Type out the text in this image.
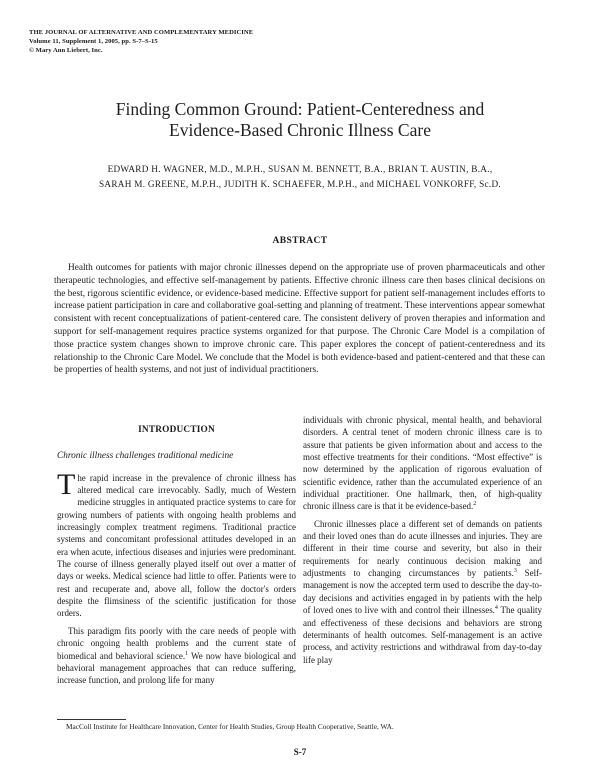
THE JOURNAL OF ALTERNATIVE AND COMPLEMENTARY MEDICINE
Volume 11, Supplement 1, 2005, pp. S-7–S-15
© Mary Ann Liebert, Inc.
Finding Common Ground: Patient-Centeredness and
Evidence-Based Chronic Illness Care
EDWARD H. WAGNER, M.D., M.P.H., SUSAN M. BENNETT, B.A., BRIAN T. AUSTIN, B.A.,
SARAH M. GREENE, M.P.H., JUDITH K. SCHAEFER, M.P.H., and MICHAEL VONKORFF, Sc.D.
ABSTRACT

Health outcomes for patients with major chronic illnesses depend on the appropriate use of proven pharmaceuticals and other therapeutic technologies, and effective self-management by patients. Effective chronic illness care then bases clinical decisions on the best, rigorous scientific evidence, or evidence-based medicine. Effective support for patient self-management includes efforts to increase patient participation in care and collaborative goal-setting and planning of treatment. These interventions appear somewhat consistent with recent conceptualizations of patient-centered care. The consistent delivery of proven therapies and information and support for self-management requires practice systems organized for that purpose. The Chronic Care Model is a compilation of those practice system changes shown to improve chronic care. This paper explores the concept of patient-centeredness and its relationship to the Chronic Care Model. We conclude that the Model is both evidence-based and patient-centered and that these can be properties of health systems, and not just of individual practitioners.

INTRODUCTION
Chronic illness challenges traditional medicine

The rapid increase in the prevalence of chronic illness has altered medical care irrevocably. Sadly, much of Western medicine struggles in antiquated practice systems to care for growing numbers of patients with ongoing health problems and increasingly complex treatment regimens. Traditional practice systems and concomitant professional attitudes developed in an era when acute, infectious diseases and injuries were predominant. The course of illness generally played itself out over a matter of days or weeks. Medical science had little to offer. Patients were to rest and recuperate and, above all, follow the doctor's orders despite the flimsiness of the scientific justification for those orders.

This paradigm fits poorly with the care needs of people with chronic ongoing health problems and the current state of biomedical and behavioral science.$^1$ We now have biological and behavioral management approaches that can reduce suffering, increase function, and prolong life for many

individuals with chronic physical, mental health, and behavioral disorders. A central tenet of modern chronic illness care is to assure that patients be given information about and access to the most effective treatments for their conditions. “Most effective” is now determined by the application of rigorous evaluation of scientific evidence, rather than the accumulated experience of an individual practitioner. One hallmark, then, of high-quality chronic illness care is that it be evidence-based.$^2$

Chronic illnesses place a different set of demands on patients and their loved ones than do acute illnesses and injuries. They are different in their time course and severity, but also in their requirements for nearly continuous decision making and adjustments to changing circumstances by patients.$^3$ Self-management is now the accepted term used to describe the day-to-day decisions and activities engaged in by patients with the help of loved ones to live with and control their illnesses.$^4$ The quality and effectiveness of these decisions and behaviors are strong determinants of health outcomes. Self-management is an active process, and activity restrictions and withdrawal from day-to-day life play

MacColl Institute for Healthcare Innovation, Center for Health Studies, Group Health Cooperative, Seattle, WA.
S-7
